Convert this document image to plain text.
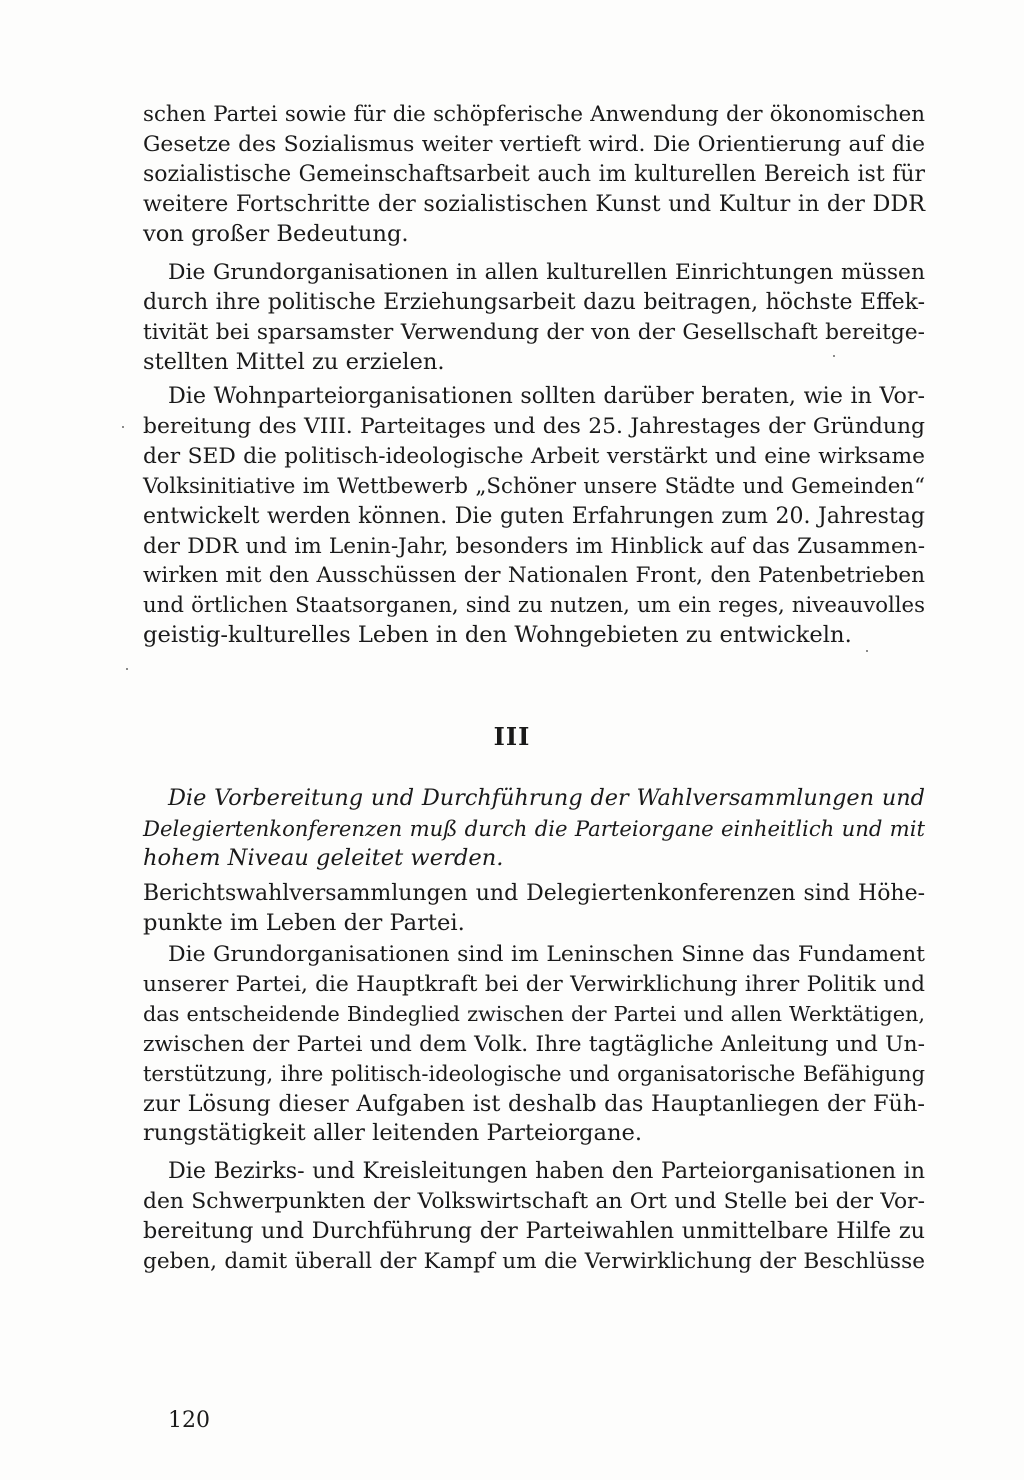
schen Partei sowie für die schöpferische Anwendung der ökonomischen
Gesetze des Sozialismus weiter vertieft wird. Die Orientierung auf die
sozialistische Gemeinschaftsarbeit auch im kulturellen Bereich ist für
weitere Fortschritte der sozialistischen Kunst und Kultur in der DDR
von großer Bedeutung.
Die Grundorganisationen in allen kulturellen Einrichtungen müssen
durch ihre politische Erziehungsarbeit dazu beitragen, höchste Effek-
tivität bei sparsamster Verwendung der von der Gesellschaft bereitge-
stellten Mittel zu erzielen.
Die Wohnparteiorganisationen sollten darüber beraten, wie in Vor-
bereitung des VIII. Parteitages und des 25. Jahrestages der Gründung
der SED die politisch-ideologische Arbeit verstärkt und eine wirksame
Volksinitiative im Wettbewerb „Schöner unsere Städte und Gemeinden“
entwickelt werden können. Die guten Erfahrungen zum 20. Jahrestag
der DDR und im Lenin-Jahr, besonders im Hinblick auf das Zusammen-
wirken mit den Ausschüssen der Nationalen Front, den Patenbetrieben
und örtlichen Staatsorganen, sind zu nutzen, um ein reges, niveauvolles
geistig-kulturelles Leben in den Wohngebieten zu entwickeln.
III
Die Vorbereitung und Durchführung der Wahlversammlungen und
Delegiertenkonferenzen muß durch die Parteiorgane einheitlich und mit
hohem Niveau geleitet werden.
Berichtswahlversammlungen und Delegiertenkonferenzen sind Höhe-
punkte im Leben der Partei.
Die Grundorganisationen sind im Leninschen Sinne das Fundament
unserer Partei, die Hauptkraft bei der Verwirklichung ihrer Politik und
das entscheidende Bindeglied zwischen der Partei und allen Werktätigen,
zwischen der Partei und dem Volk. Ihre tagtägliche Anleitung und Un-
terstützung, ihre politisch-ideologische und organisatorische Befähigung
zur Lösung dieser Aufgaben ist deshalb das Hauptanliegen der Füh-
rungstätigkeit aller leitenden Parteiorgane.
Die Bezirks- und Kreisleitungen haben den Parteiorganisationen in
den Schwerpunkten der Volkswirtschaft an Ort und Stelle bei der Vor-
bereitung und Durchführung der Parteiwahlen unmittelbare Hilfe zu
geben, damit überall der Kampf um die Verwirklichung der Beschlüsse
120
